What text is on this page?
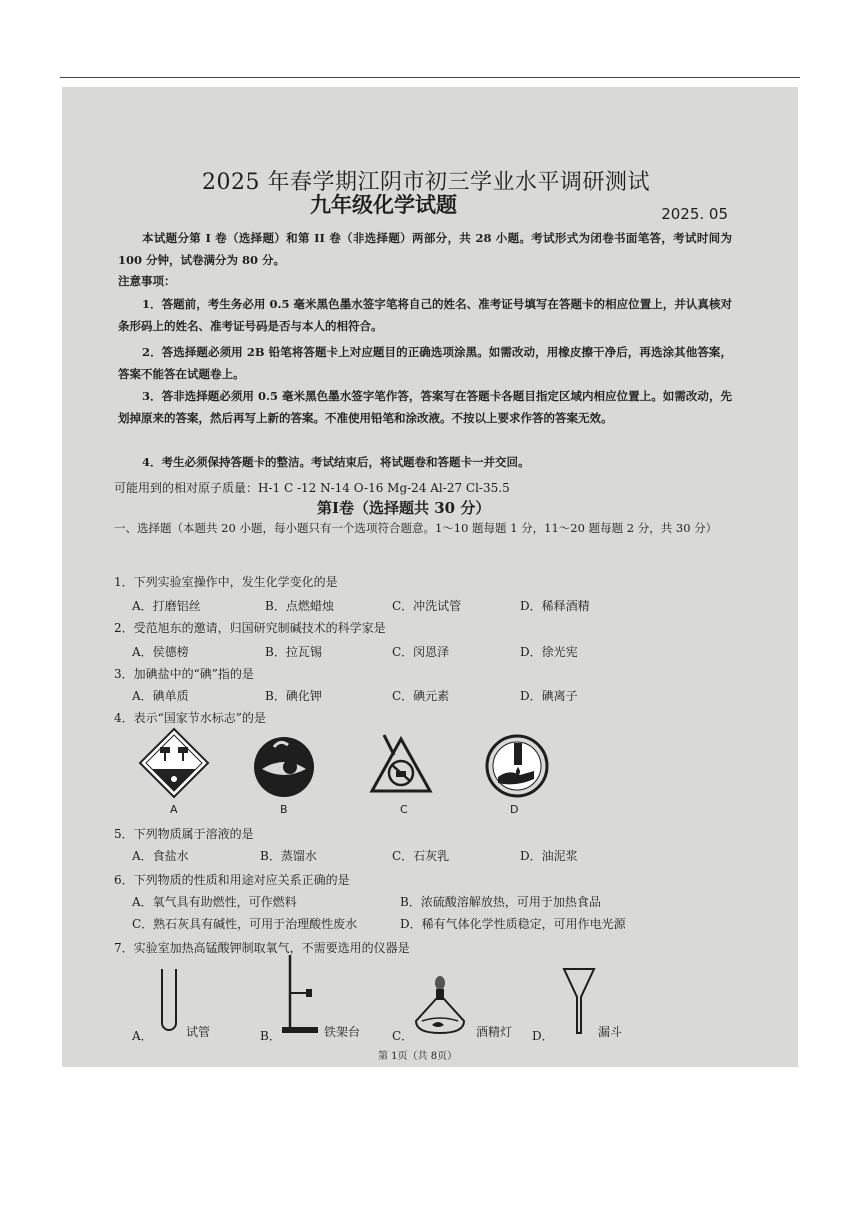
2025 年春学期江阴市初三学业水平调研测试
九年级化学试题	2025. 05
本试题分第 I 卷（选择题）和第 II 卷（非选择题）两部分，共 28 小题。考试形式为闭卷书面笔答，考试时间为 100 分钟，试卷满分为 80 分。
注意事项：
1．答题前，考生务必用 0.5 毫米黑色墨水签字笔将自己的姓名、准考证号填写在答题卡的相应位置上，并认真核对条形码上的姓名、准考证号码是否与本人的相符合。
2．答选择题必须用 2B 铅笔将答题卡上对应题目的正确选项涂黑。如需改动，用橡皮擦干净后，再选涂其他答案，答案不能答在试题卷上。
3．答非选择题必须用 0.5 毫米黑色墨水签字笔作答，答案写在答题卡各题目指定区域内相应位置上。如需改动，先划掉原来的答案，然后再写上新的答案。不准使用铅笔和涂改液。不按以上要求作答的答案无效。
4．考生必须保持答题卡的整洁。考试结束后，将试题卷和答题卡一并交回。
可能用到的相对原子质量：H-1 C -12 N-14 O-16 Mg-24 Al-27 Cl-35.5
第Ⅰ卷（选择题共 30 分）
一、选择题（本题共 20 小题，每小题只有一个选项符合题意。1～10 题每题 1 分，11～20 题每题 2 分，共 30 分）
1．下列实验室操作中，发生化学变化的是
A．打磨铝丝	B．点燃蜡烛	C．冲洗试管	D．稀释酒精
2．受范旭东的邀请，归国研究制碱技术的科学家是
A．侯德榜	B．拉瓦锡	C．闵恩泽	D．徐光宪
3．加碘盐中的“碘”指的是
A．碘单质	B．碘化钾	C．碘元素	D．碘离子
4．表示“国家节水标志”的是
A	B	C	D
5．下列物质属于溶液的是
A．食盐水	B．蒸馏水	C．石灰乳	D．油泥浆
6．下列物质的性质和用途对应关系正确的是
A．氧气具有助燃性，可作燃料	B．浓硫酸溶解放热，可用于加热食品
C．熟石灰具有碱性，可用于治理酸性废水	D．稀有气体化学性质稳定，可用作电光源
7．实验室加热高锰酸钾制取氧气，不需要选用的仪器是
A．	试管	B．	铁架台	C．	酒精灯 D．	漏斗
第 1页（共 8页）
